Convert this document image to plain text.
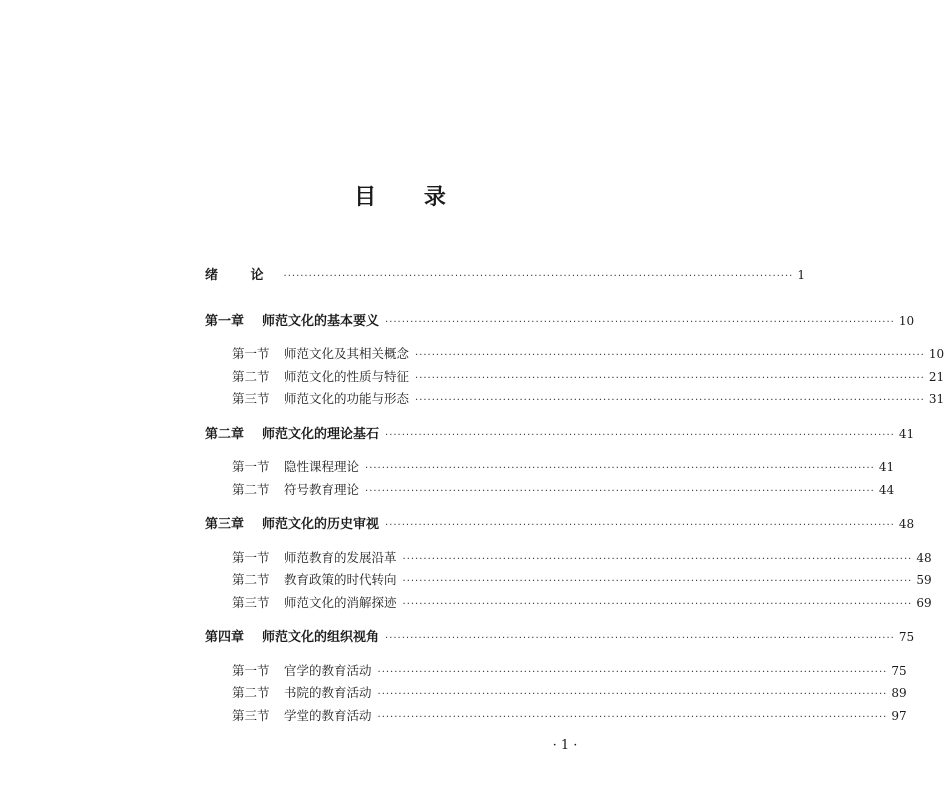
目 录
绪 论 ·························································································································· 1
第一章	师范文化的基本要义 ·························································································································· 10
第一节	师范文化及其相关概念 ·························································································································· 10
第二节	师范文化的性质与特征 ·························································································································· 21
第三节	师范文化的功能与形态 ·························································································································· 31
第二章	师范文化的理论基石 ·························································································································· 41
第一节	隐性课程理论 ·························································································································· 41
第二节	符号教育理论 ·························································································································· 44
第三章	师范文化的历史审视 ·························································································································· 48
第一节	师范教育的发展沿革 ·························································································································· 48
第二节	教育政策的时代转向 ·························································································································· 59
第三节	师范文化的消解探迹 ·························································································································· 69
第四章	师范文化的组织视角 ·························································································································· 75
第一节	官学的教育活动 ·························································································································· 75
第二节	书院的教育活动 ·························································································································· 89
第三节	学堂的教育活动 ·························································································································· 97
· 1 ·
